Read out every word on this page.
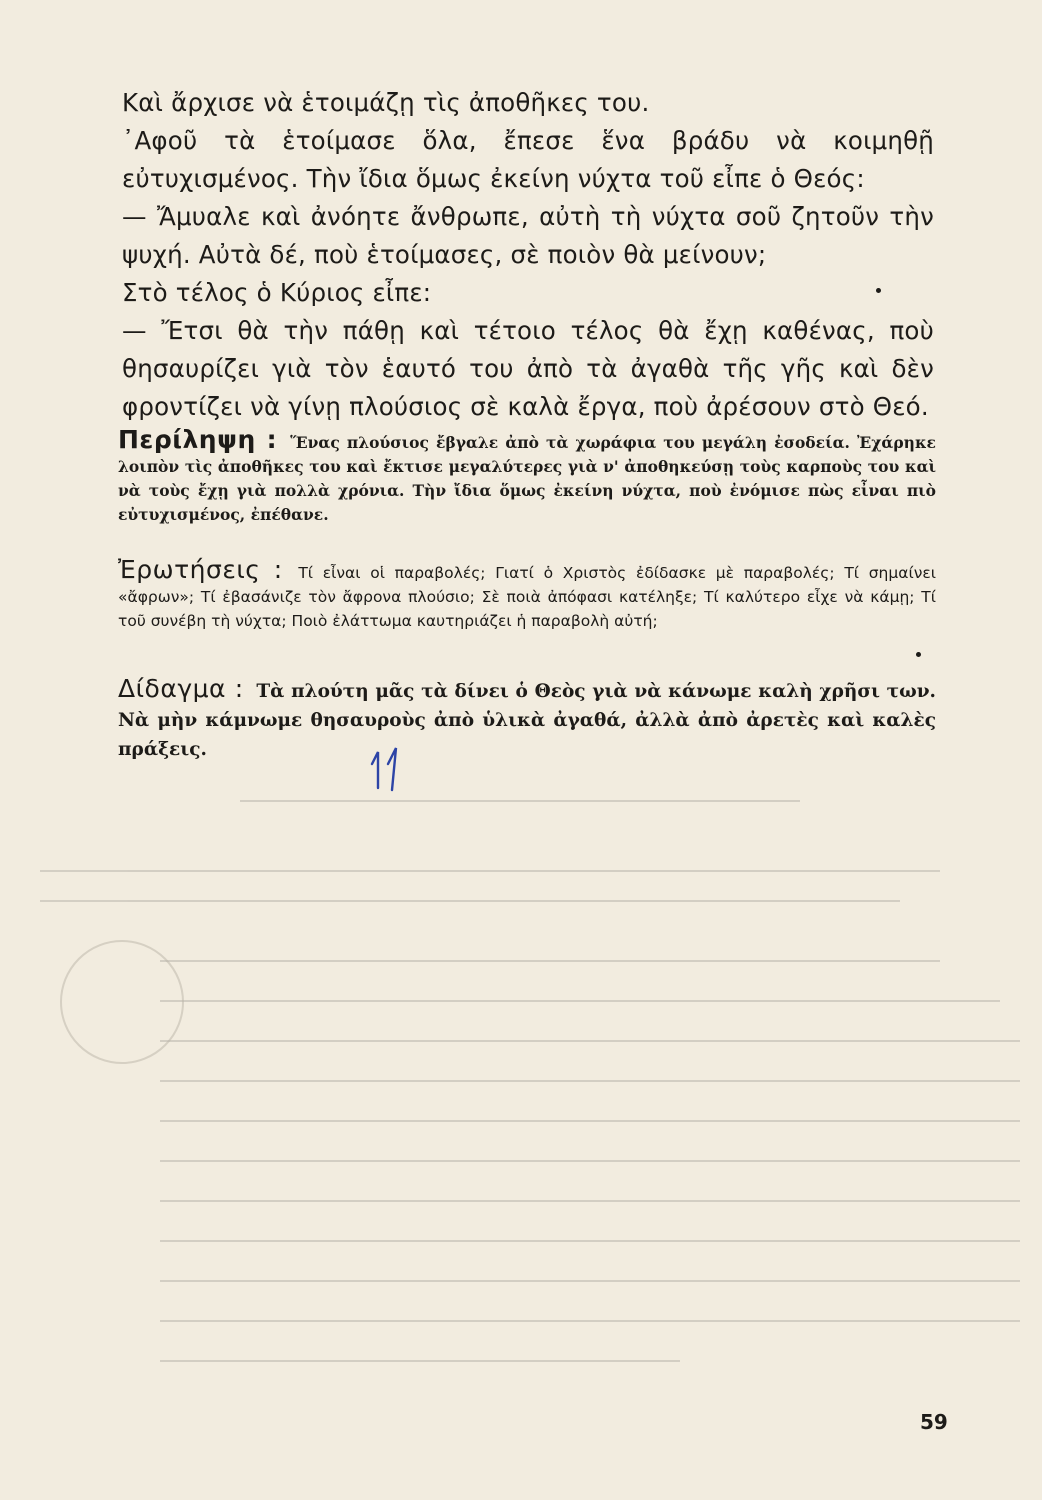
Καὶ ἄρχισε νὰ ἑτοιμάζῃ τὶς ἀποθῆκες του.

᾽Αφοῦ τὰ ἑτοίμασε ὅλα, ἔπεσε ἕνα βράδυ νὰ κοιμηθῇ εὐτυχισμένος. Τὴν ἴδια ὅμως ἐκείνη νύχτα τοῦ εἶπε ὁ Θεός:

— Ἄμυαλε καὶ ἀνόητε ἄνθρωπε, αὐτὴ τὴ νύχτα σοῦ ζητοῦν τὴν ψυχή. Αὐτὰ δέ, ποὺ ἑτοίμασες, σὲ ποιὸν θὰ μείνουν;

Στὸ τέλος ὁ Κύριος εἶπε:

— Ἔτσι θὰ τὴν πάθῃ καὶ τέτοιο τέλος θὰ ἔχῃ καθένας, ποὺ θησαυρίζει γιὰ τὸν ἑαυτό του ἀπὸ τὰ ἀγαθὰ τῆς γῆς καὶ δὲν φροντίζει νὰ γίνῃ πλούσιος σὲ καλὰ ἔργα, ποὺ ἀρέσουν στὸ Θεό.

Περίληψη : Ἕνας πλούσιος ἔβγαλε ἀπὸ τὰ χωράφια του μεγάλη ἐσοδεία. Ἐχάρηκε λοιπὸν τὶς ἀποθῆκες του καὶ ἔκτισε μεγαλύτερες γιὰ ν' ἀποθηκεύσῃ τοὺς καρποὺς του καὶ νὰ τοὺς ἔχῃ γιὰ πολλὰ χρόνια. Τὴν ἴδια ὅμως ἐκείνη νύχτα, ποὺ ἐνόμισε πὼς εἶναι πιὸ εὐτυχισμένος, ἐπέθανε.
Ἐρωτήσεις : Τί εἶναι οἱ παραβολές; Γιατί ὁ Χριστὸς ἐδίδασκε μὲ παραβολές; Τί σημαίνει «ἄφρων»; Τί ἐβασάνιζε τὸν ἄφρονα πλούσιο; Σὲ ποιὰ ἀπόφασι κατέληξε; Τί καλύτερο εἶχε νὰ κάμῃ; Τί τοῦ συνέβη τὴ νύχτα; Ποιὸ ἐλάττωμα καυτηριάζει ἡ παραβολὴ αὐτή;
Δίδαγμα : Τὰ πλούτη μᾶς τὰ δίνει ὁ Θεὸς γιὰ νὰ κάνωμε καλὴ χρῆσι των. Νὰ μὴν κάμνωμε θησαυροὺς ἀπὸ ὑλικὰ ἀγαθά, ἀλλὰ ἀπὸ ἀρετὲς καὶ καλὲς πράξεις.
59
